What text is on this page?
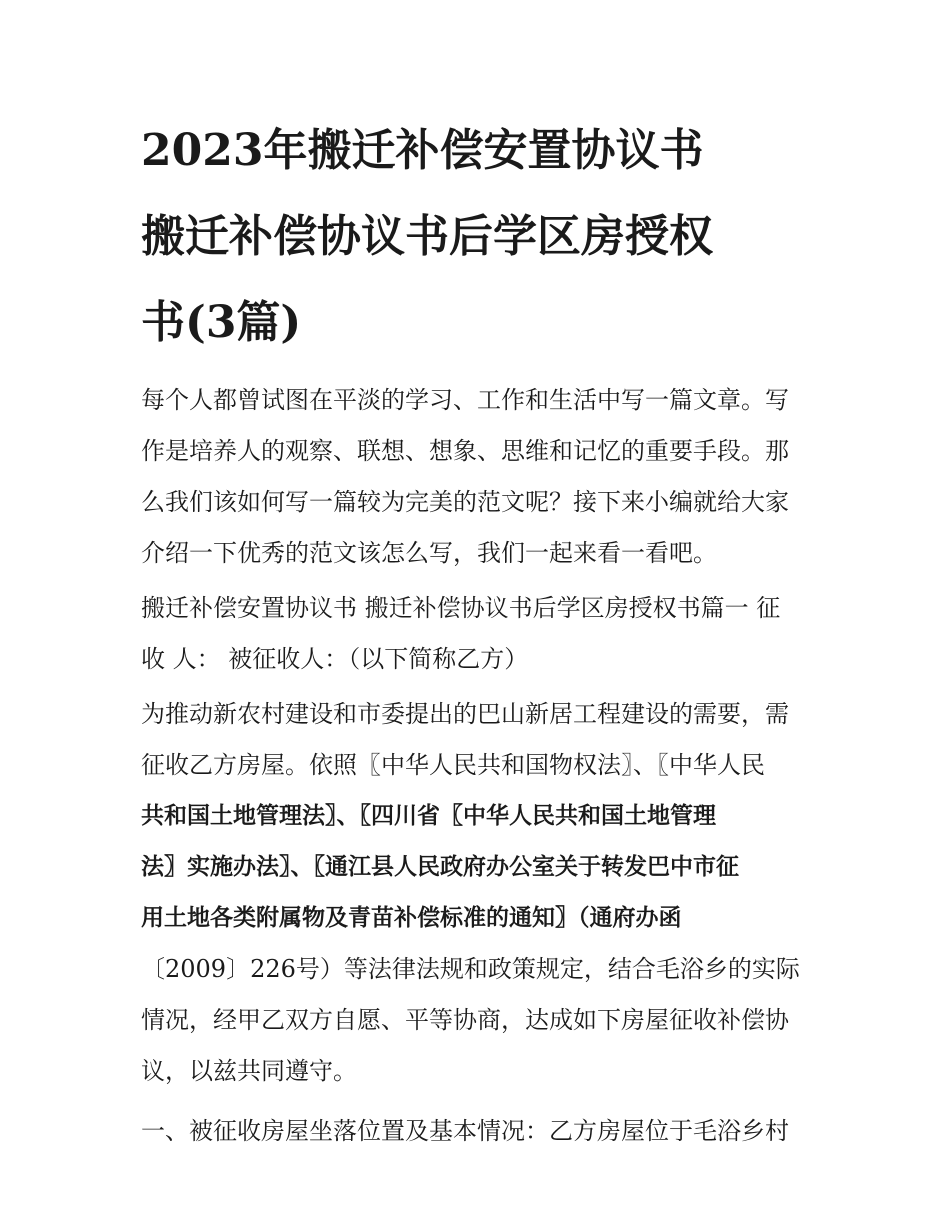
2023年搬迁补偿安置协议书
搬迁补偿协议书后学区房授权
书(3篇)

每个人都曾试图在平淡的学习、工作和生活中写一篇文章。写

作是培养人的观察、联想、想象、思维和记忆的重要手段。那

么我们该如何写一篇较为完美的范文呢？接下来小编就给大家

介绍一下优秀的范文该怎么写，我们一起来看一看吧。

搬迁补偿安置协议书 搬迁补偿协议书后学区房授权书篇一 征

收 人： 被征收人：（以下简称乙方）

为推动新农村建设和市委提出的巴山新居工程建设的需要，需

征收乙方房屋。依照〖中华人民共和国物权法〗、〖中华人民

共和国土地管理法〗、〖四川省〖中华人民共和国土地管理

法〗实施办法〗、〖通江县人民政府办公室关于转发巴中市征

用土地各类附属物及青苗补偿标准的通知〗（通府办函

〔2009〕226号）等法律法规和政策规定，结合毛浴乡的实际

情况，经甲乙双方自愿、平等协商，达成如下房屋征收补偿协

议，以兹共同遵守。

一、被征收房屋坐落位置及基本情况：乙方房屋位于毛浴乡村
